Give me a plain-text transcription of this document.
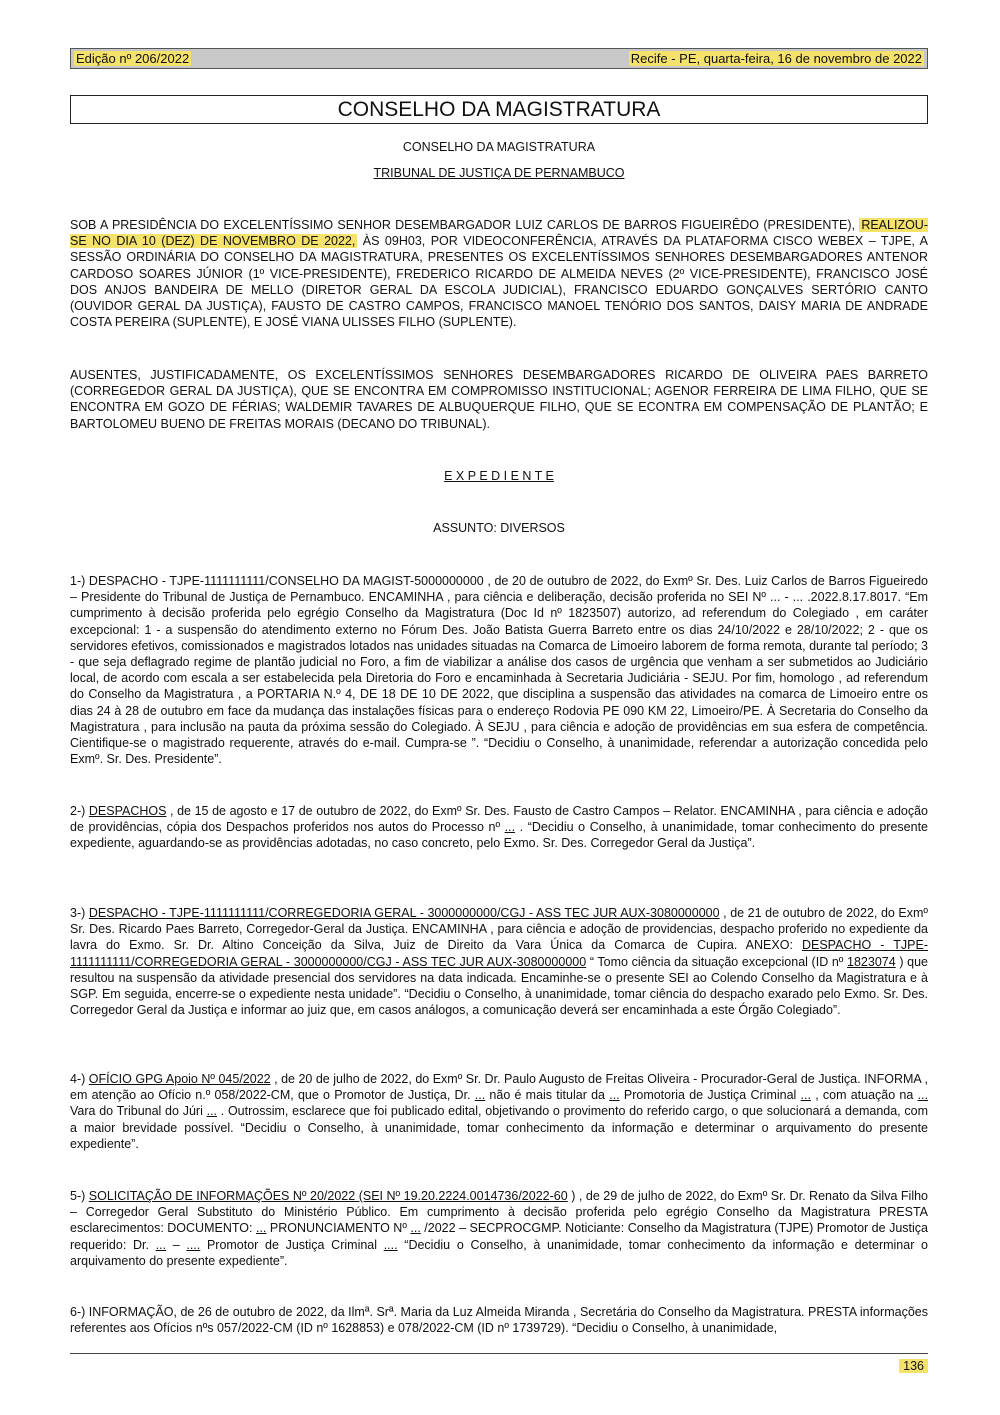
Edição nº 206/2022	Recife - PE, quarta-feira, 16 de novembro de 2022
CONSELHO DA MAGISTRATURA
CONSELHO DA MAGISTRATURA
TRIBUNAL DE JUSTIÇA DE PERNAMBUCO
SOB A PRESIDÊNCIA DO EXCELENTÍSSIMO SENHOR DESEMBARGADOR LUIZ CARLOS DE BARROS FIGUEIRÊDO (PRESIDENTE), REALIZOU-SE NO DIA 10 (DEZ) DE NOVEMBRO DE 2022, ÀS 09H03, POR VIDEOCONFERÊNCIA, ATRAVÉS DA PLATAFORMA CISCO WEBEX – TJPE, A SESSÃO ORDINÁRIA DO CONSELHO DA MAGISTRATURA, PRESENTES OS EXCELENTÍSSIMOS SENHORES DESEMBARGADORES ANTENOR CARDOSO SOARES JÚNIOR (1º VICE-PRESIDENTE), FREDERICO RICARDO DE ALMEIDA NEVES (2º VICE-PRESIDENTE), FRANCISCO JOSÉ DOS ANJOS BANDEIRA DE MELLO (DIRETOR GERAL DA ESCOLA JUDICIAL), FRANCISCO EDUARDO GONÇALVES SERTÓRIO CANTO (OUVIDOR GERAL DA JUSTIÇA), FAUSTO DE CASTRO CAMPOS, FRANCISCO MANOEL TENÓRIO DOS SANTOS, DAISY MARIA DE ANDRADE COSTA PEREIRA (SUPLENTE), E JOSÉ VIANA ULISSES FILHO (SUPLENTE).
AUSENTES, JUSTIFICADAMENTE, OS EXCELENTÍSSIMOS SENHORES DESEMBARGADORES RICARDO DE OLIVEIRA PAES BARRETO (CORREGEDOR GERAL DA JUSTIÇA), QUE SE ENCONTRA EM COMPROMISSO INSTITUCIONAL; AGENOR FERREIRA DE LIMA FILHO, QUE SE ENCONTRA EM GOZO DE FÉRIAS; WALDEMIR TAVARES DE ALBUQUERQUE FILHO, QUE SE ECONTRA EM COMPENSAÇÃO DE PLANTÃO; E BARTOLOMEU BUENO DE FREITAS MORAIS (DECANO DO TRIBUNAL).
E X P E D I E N T E
ASSUNTO: DIVERSOS
1-) DESPACHO - TJPE-1111111111/CONSELHO DA MAGIST-5000000000 , de 20 de outubro de 2022, do Exmº Sr. Des. Luiz Carlos de Barros Figueiredo – Presidente do Tribunal de Justiça de Pernambuco. ENCAMINHA , para ciência e deliberação, decisão proferida no SEI Nº ... - ... .2022.8.17.8017. “Em cumprimento à decisão proferida pelo egrégio Conselho da Magistratura (Doc Id nº 1823507) autorizo, ad referendum do Colegiado , em caráter excepcional: 1 - a suspensão do atendimento externo no Fórum Des. João Batista Guerra Barreto entre os dias 24/10/2022 e 28/10/2022; 2 - que os servidores efetivos, comissionados e magistrados lotados nas unidades situadas na Comarca de Limoeiro laborem de forma remota, durante tal período; 3 - que seja deflagrado regime de plantão judicial no Foro, a fim de viabilizar a análise dos casos de urgência que venham a ser submetidos ao Judiciário local, de acordo com escala a ser estabelecida pela Diretoria do Foro e encaminhada à Secretaria Judiciária - SEJU. Por fim, homologo , ad referendum do Conselho da Magistratura , a PORTARIA N.º 4, DE 18 DE 10 DE 2022, que disciplina a suspensão das atividades na comarca de Limoeiro entre os dias 24 à 28 de outubro em face da mudança das instalações físicas para o endereço Rodovia PE 090 KM 22, Limoeiro/PE. À Secretaria do Conselho da Magistratura , para inclusão na pauta da próxima sessão do Colegiado. À SEJU , para ciência e adoção de providências em sua esfera de competência. Cientifique-se o magistrado requerente, através do e-mail. Cumpra-se ”. “Decidiu o Conselho, à unanimidade, referendar a autorização concedida pelo Exmº. Sr. Des. Presidente”.
2-) DESPACHOS , de 15 de agosto e 17 de outubro de 2022, do Exmº Sr. Des. Fausto de Castro Campos – Relator. ENCAMINHA , para ciência e adoção de providências, cópia dos Despachos proferidos nos autos do Processo nº ... . “Decidiu o Conselho, à unanimidade, tomar conhecimento do presente expediente, aguardando-se as providências adotadas, no caso concreto, pelo Exmo. Sr. Des. Corregedor Geral da Justiça”.
3-) DESPACHO - TJPE-1111111111/CORREGEDORIA GERAL - 3000000000/CGJ - ASS TEC JUR AUX-3080000000 , de 21 de outubro de 2022, do Exmº Sr. Des. Ricardo Paes Barreto, Corregedor-Geral da Justiça. ENCAMINHA , para ciência e adoção de providencias, despacho proferido no expediente da lavra do Exmo. Sr. Dr. Altino Conceição da Silva, Juiz de Direito da Vara Única da Comarca de Cupira. ANEXO: DESPACHO - TJPE-1111111111/CORREGEDORIA GERAL - 3000000000/CGJ - ASS TEC JUR AUX-3080000000 “ Tomo ciência da situação excepcional (ID nº 1823074 ) que resultou na suspensão da atividade presencial dos servidores na data indicada. Encaminhe-se o presente SEI ao Colendo Conselho da Magistratura e à SGP. Em seguida, encerre-se o expediente nesta unidade”. “Decidiu o Conselho, à unanimidade, tomar ciência do despacho exarado pelo Exmo. Sr. Des. Corregedor Geral da Justiça e informar ao juiz que, em casos análogos, a comunicação deverá ser encaminhada a este Órgão Colegiado”.
4-) OFÍCIO GPG Apoio Nº 045/2022 , de 20 de julho de 2022, do Exmº Sr. Dr. Paulo Augusto de Freitas Oliveira - Procurador-Geral de Justiça. INFORMA , em atenção ao Ofício n.º 058/2022-CM, que o Promotor de Justiça, Dr. ... não é mais titular da ... Promotoria de Justiça Criminal ... , com atuação na ... Vara do Tribunal do Júri ... . Outrossim, esclarece que foi publicado edital, objetivando o provimento do referido cargo, o que solucionará a demanda, com a maior brevidade possível. “Decidiu o Conselho, à unanimidade, tomar conhecimento da informação e determinar o arquivamento do presente expediente”.
5-) SOLICITAÇÃO DE INFORMAÇÕES Nº 20/2022 (SEI Nº 19.20.2224.0014736/2022-60 ) , de 29 de julho de 2022, do Exmº Sr. Dr. Renato da Silva Filho – Corregedor Geral Substituto do Ministério Público. Em cumprimento à decisão proferida pelo egrégio Conselho da Magistratura PRESTA esclarecimentos: DOCUMENTO: ... PRONUNCIAMENTO Nº ... /2022 – SECPROCGMP. Noticiante: Conselho da Magistratura (TJPE) Promotor de Justiça requerido: Dr. ... – .... Promotor de Justiça Criminal .... “Decidiu o Conselho, à unanimidade, tomar conhecimento da informação e determinar o arquivamento do presente expediente”.
6-) INFORMAÇÃO, de 26 de outubro de 2022, da Ilmª. Srª. Maria da Luz Almeida Miranda , Secretária do Conselho da Magistratura. PRESTA informações referentes aos Ofícios nºs 057/2022-CM (ID nº 1628853) e 078/2022-CM (ID nº 1739729). “Decidiu o Conselho, à unanimidade,
136
